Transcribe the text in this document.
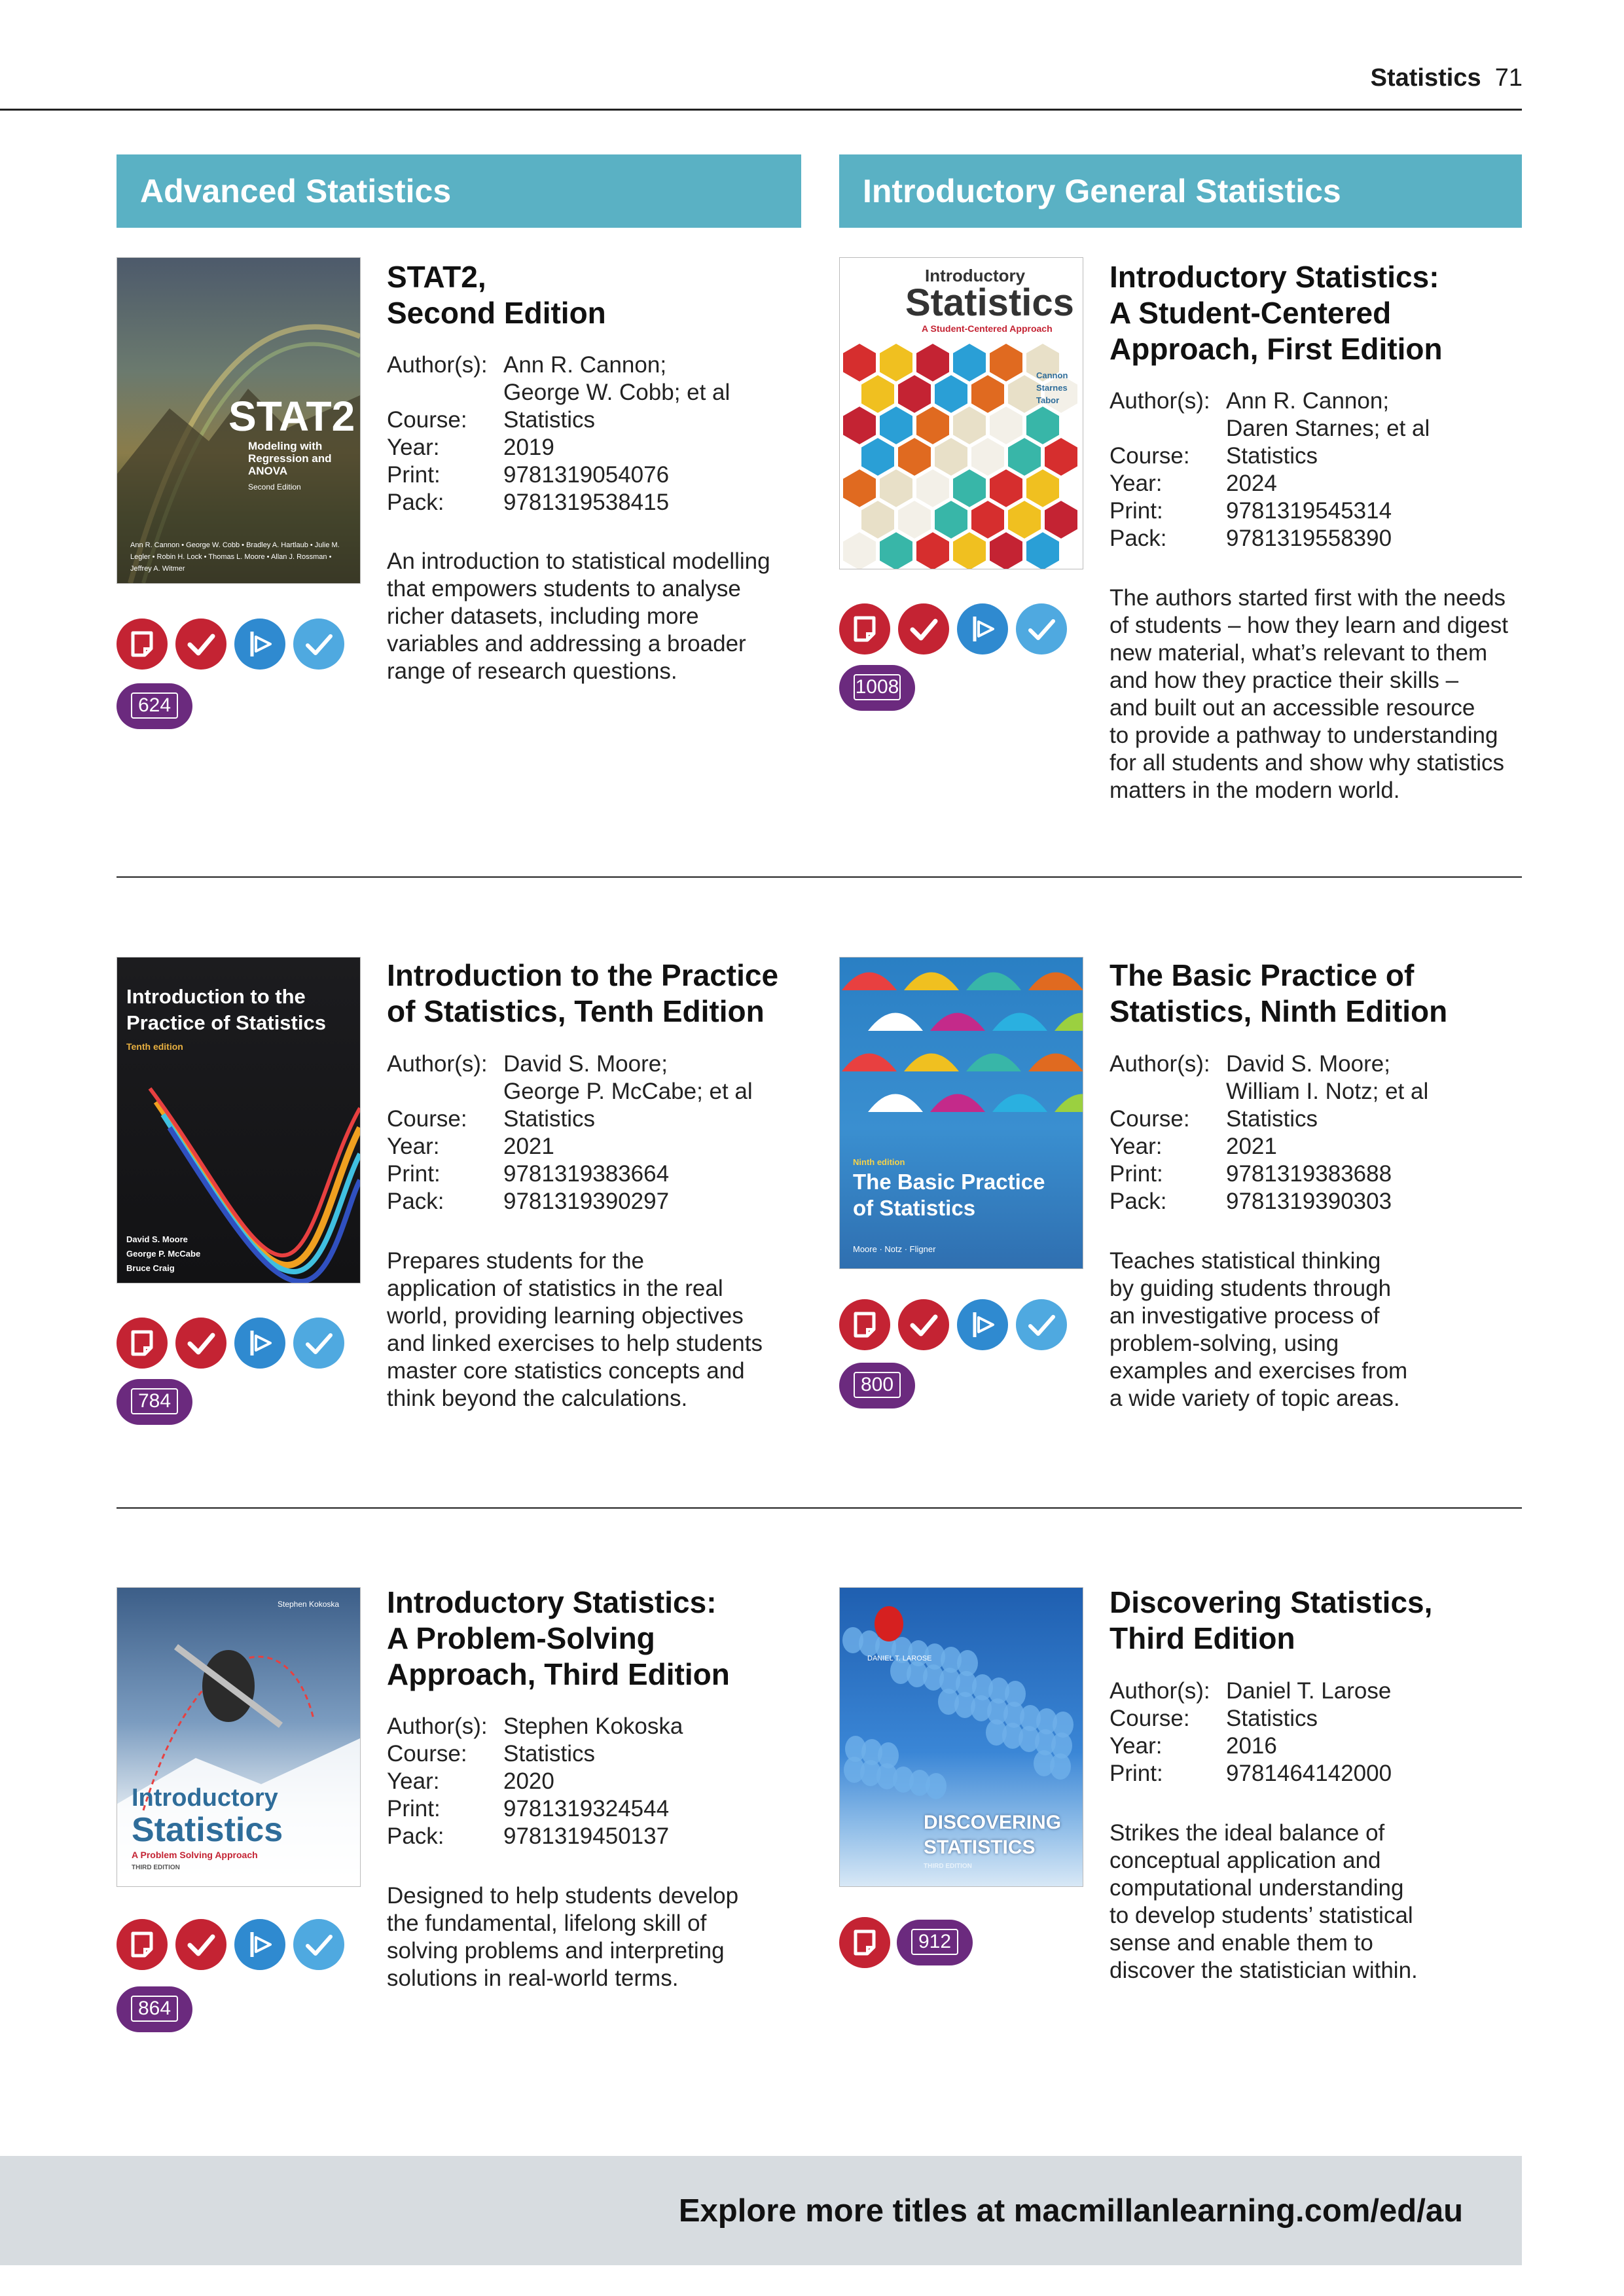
Statistics 71
Advanced Statistics	Introductory General Statistics
STAT2
Modeling with Regression and ANOVA
Second Edition
Ann R. Cannon • George W. Cobb • Bradley A. Hartlaub • Julie M. Legler • Robin H. Lock • Thomas L. Moore • Allan J. Rossman • Jeffrey A. Witmer
STAT2,
Second Edition
Author(s): Ann R. Cannon;
George W. Cobb; et al
Course:	Statistics
Year:	2019
Print:	9781319054076
Pack:	9781319538415
An introduction to statistical modelling
that empowers students to analyse
richer datasets, including more
variables and addressing a broader
range of research questions.
624
Introductory
Statistics
A Student-Centered Approach
Cannon
Starnes
Tabor
Introductory Statistics:
A Student-Centered
Approach, First Edition
Author(s): Ann R. Cannon;
Daren Starnes; et al
Course:	Statistics
Year:	2024
Print:	9781319545314
Pack:	9781319558390
The authors started first with the needs
of students – how they learn and digest
new material, what’s relevant to them
and how they practice their skills –
and built out an accessible resource
to provide a pathway to understanding
for all students and show why statistics
matters in the modern world.
1008
Introduction to the
Practice of Statistics
Tenth edition
David S. Moore
George P. McCabe
Bruce Craig
Introduction to the Practice
of Statistics, Tenth Edition
Author(s): David S. Moore;
George P. McCabe; et al
Course:	Statistics
Year:	2021
Print:	9781319383664
Pack:	9781319390297
Prepares students for the
application of statistics in the real
world, providing learning objectives
and linked exercises to help students
master core statistics concepts and
think beyond the calculations.
784
Ninth edition
The Basic Practice
of Statistics
Moore · Notz · Fligner
The Basic Practice of
Statistics, Ninth Edition
Author(s): David S. Moore;
William I. Notz; et al
Course:	Statistics
Year:	2021
Print:	9781319383688
Pack:	9781319390303
Teaches statistical thinking
by guiding students through
an investigative process of
problem-solving, using
examples and exercises from
a wide variety of topic areas.
800
Stephen Kokoska
Introductory
Statistics
A Problem Solving Approach
THIRD EDITION
Introductory Statistics:
A Problem-Solving
Approach, Third Edition
Author(s): Stephen Kokoska
Course:	Statistics
Year:	2020
Print:	9781319324544
Pack:	9781319450137
Designed to help students develop
the fundamental, lifelong skill of
solving problems and interpreting
solutions in real-world terms.
864
DANIEL T. LAROSE
DISCOVERING
STATISTICS
THIRD EDITION
Discovering Statistics,
Third Edition
Author(s): Daniel T. Larose
Course:	Statistics
Year:	2016
Print:	9781464142000
Strikes the ideal balance of
conceptual application and
computational understanding
to develop students’ statistical
sense and enable them to
discover the statistician within.
912
Explore more titles at macmillanlearning.com/ed/au
